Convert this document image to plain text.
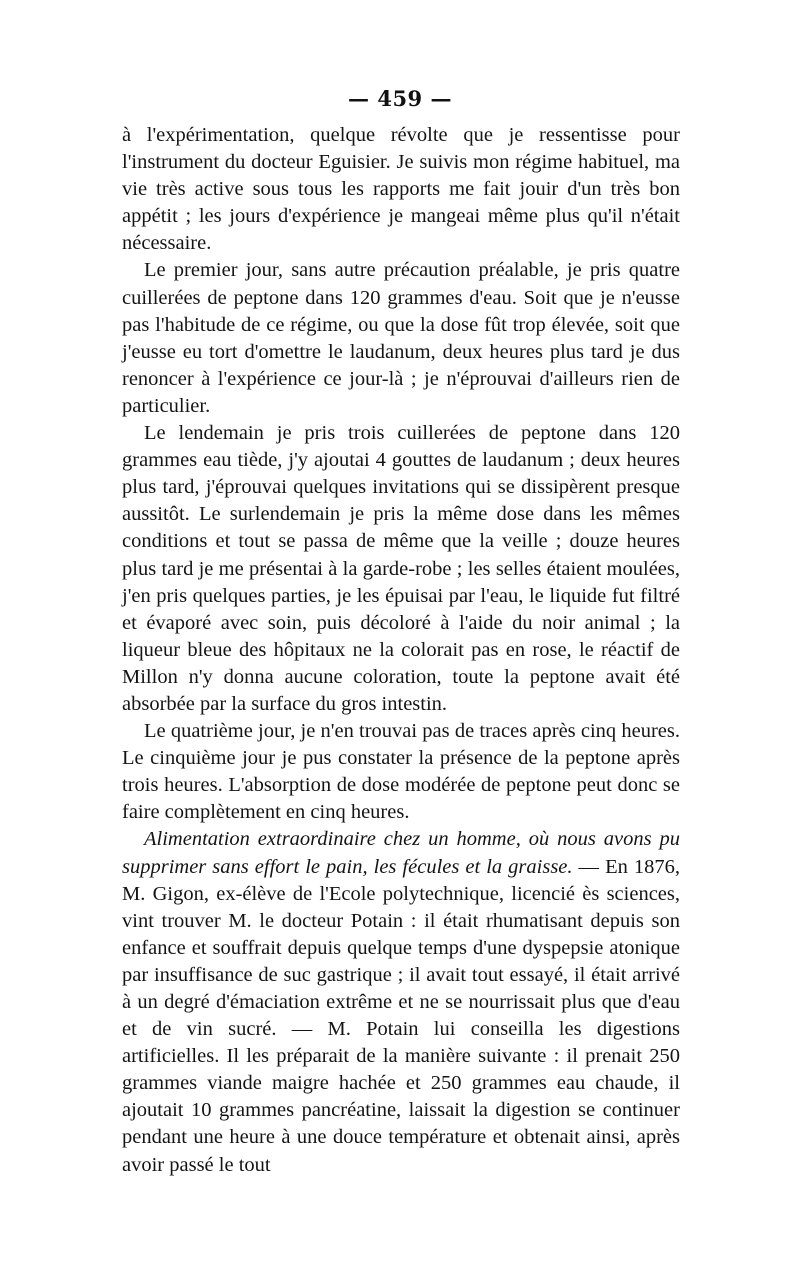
— 459 —

à l'expérimentation, quelque révolte que je ressentisse pour l'instrument du docteur Eguisier. Je suivis mon régime habituel, ma vie très active sous tous les rapports me fait jouir d'un très bon appétit ; les jours d'expérience je mangeai même plus qu'il n'était nécessaire.

Le premier jour, sans autre précaution préalable, je pris quatre cuillerées de peptone dans 120 grammes d'eau. Soit que je n'eusse pas l'habitude de ce régime, ou que la dose fût trop élevée, soit que j'eusse eu tort d'omettre le laudanum, deux heures plus tard je dus renoncer à l'expérience ce jour-là ; je n'éprouvai d'ailleurs rien de particulier.

Le lendemain je pris trois cuillerées de peptone dans 120 grammes eau tiède, j'y ajoutai 4 gouttes de laudanum ; deux heures plus tard, j'éprouvai quelques invitations qui se dissipèrent presque aussitôt. Le surlendemain je pris la même dose dans les mêmes conditions et tout se passa de même que la veille ; douze heures plus tard je me présentai à la garde-robe ; les selles étaient moulées, j'en pris quelques parties, je les épuisai par l'eau, le liquide fut filtré et évaporé avec soin, puis décoloré à l'aide du noir animal ; la liqueur bleue des hôpitaux ne la colorait pas en rose, le réactif de Millon n'y donna aucune coloration, toute la peptone avait été absorbée par la surface du gros intestin.

Le quatrième jour, je n'en trouvai pas de traces après cinq heures. Le cinquième jour je pus constater la présence de la peptone après trois heures. L'absorption de dose modérée de peptone peut donc se faire complètement en cinq heures.

Alimentation extraordinaire chez un homme, où nous avons pu supprimer sans effort le pain, les fécules et la graisse. — En 1876, M. Gigon, ex-élève de l'Ecole polytechnique, licencié ès sciences, vint trouver M. le docteur Potain : il était rhumatisant depuis son enfance et souffrait depuis quelque temps d'une dyspepsie atonique par insuffisance de suc gastrique ; il avait tout essayé, il était arrivé à un degré d'émaciation extrême et ne se nourrissait plus que d'eau et de vin sucré. — M. Potain lui conseilla les digestions artificielles. Il les préparait de la manière suivante : il prenait 250 grammes viande maigre hachée et 250 grammes eau chaude, il ajoutait 10 grammes pancréatine, laissait la digestion se continuer pendant une heure à une douce température et obtenait ainsi, après avoir passé le tout
